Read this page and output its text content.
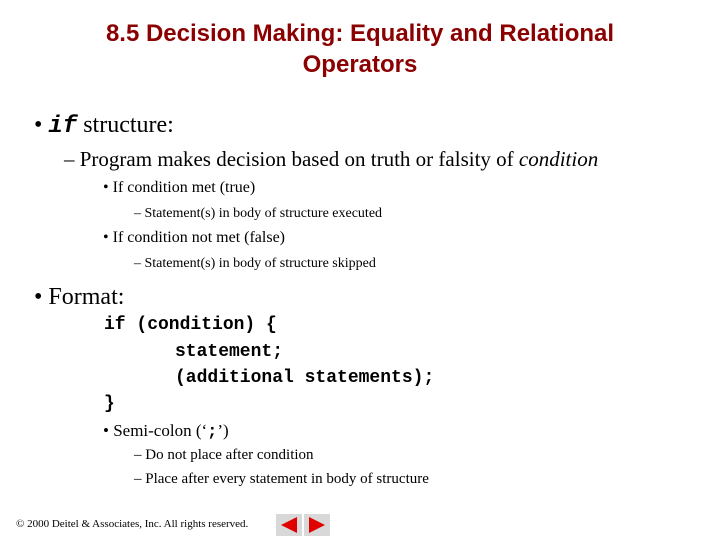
8.5 Decision Making: Equality and Relational
Operators
• if structure:
– Program makes decision based on truth or falsity of condition
• If condition met (true)
– Statement(s) in body of structure executed
• If condition not met (false)
– Statement(s) in body of structure skipped
• Format:
if (condition) {
statement;
(additional statements);
}
• Semi-colon (‘;’)
– Do not place after condition
– Place after every statement in body of structure
© 2000 Deitel & Associates, Inc. All rights reserved.
